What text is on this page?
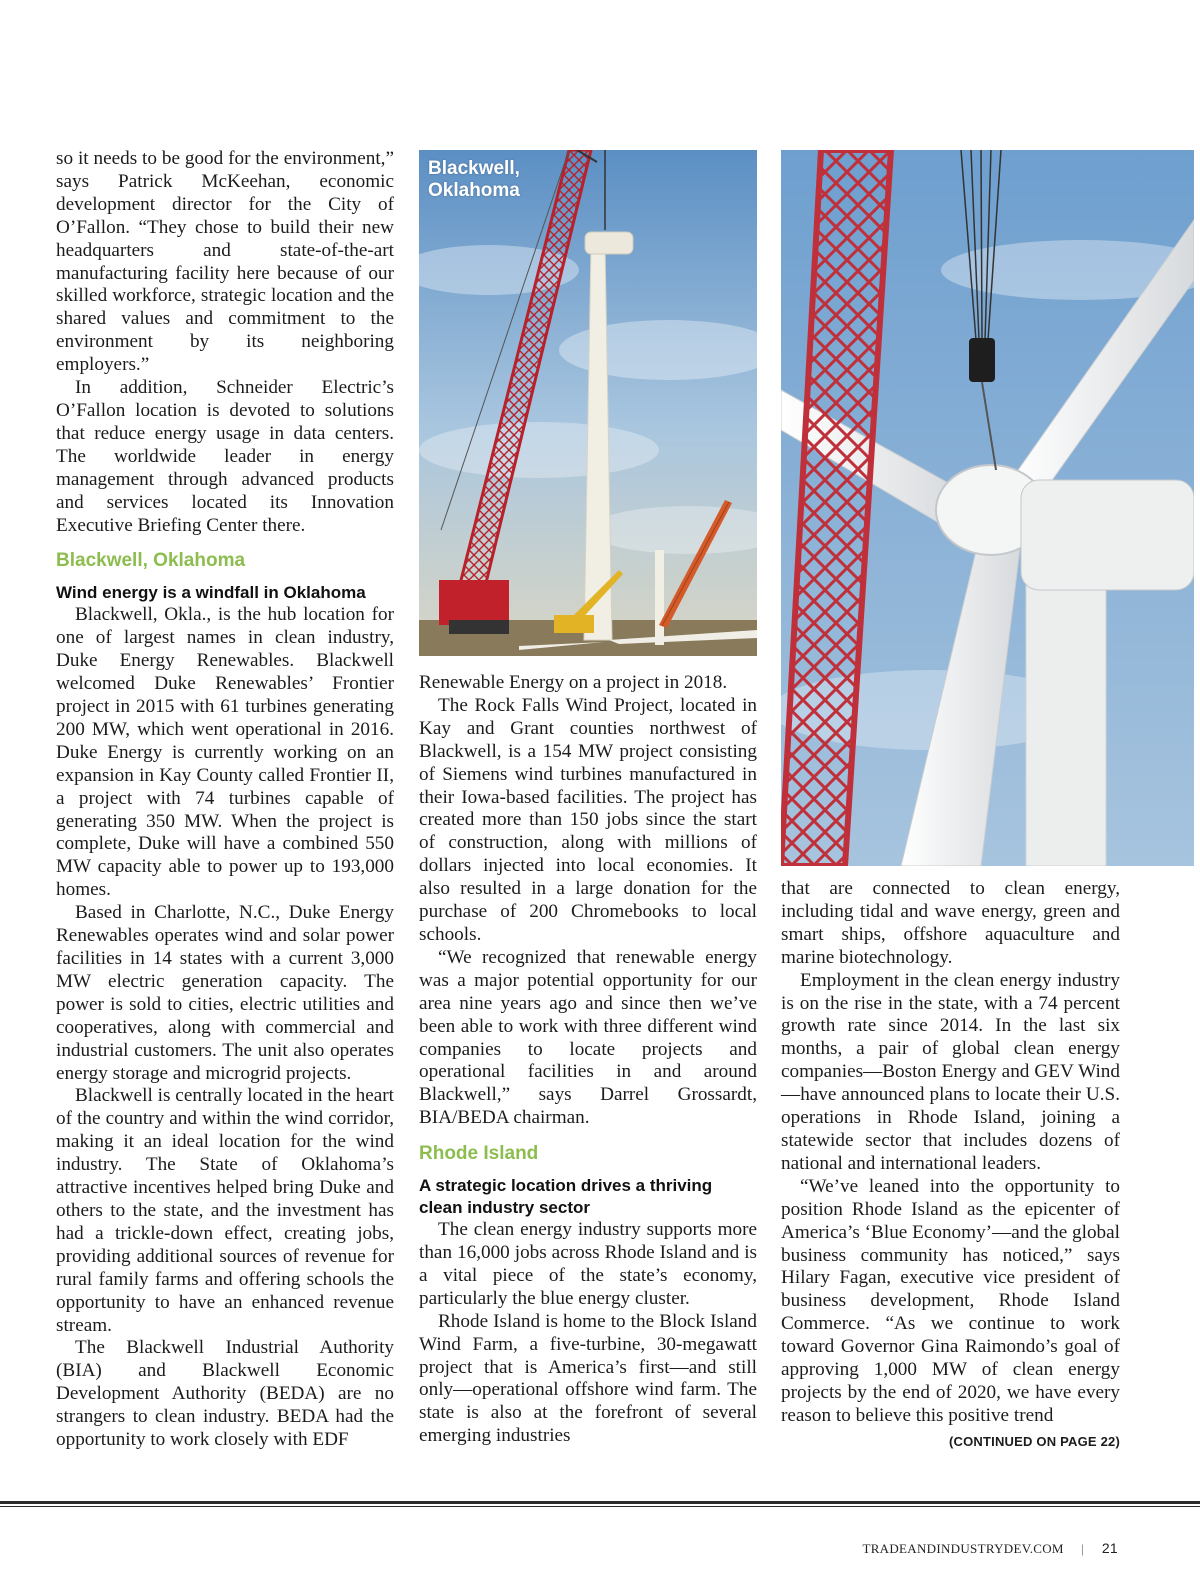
so it needs to be good for the environment,” says Patrick McKeehan, economic development director for the City of O’Fallon. “They chose to build their new headquarters and state-of-the-art manufacturing facility here because of our skilled workforce, strategic location and the shared values and commitment to the environment by its neighboring employers.”

In addition, Schneider Electric’s O’Fallon location is devoted to solutions that reduce energy usage in data centers. The worldwide leader in energy management through advanced products and services located its Innovation Executive Briefing Center there.

Blackwell, Oklahoma
Wind energy is a windfall in Oklahoma

Blackwell, Okla., is the hub location for one of largest names in clean industry, Duke Energy Renewables. Blackwell welcomed Duke Renewables’ Frontier project in 2015 with 61 turbines generating 200 MW, which went operational in 2016. Duke Energy is currently working on an expansion in Kay County called Frontier II, a project with 74 turbines capable of generating 350 MW. When the project is complete, Duke will have a combined 550 MW capacity able to power up to 193,000 homes.

Based in Charlotte, N.C., Duke Energy Renewables operates wind and solar power facilities in 14 states with a current 3,000 MW electric generation capacity. The power is sold to cities, electric utilities and cooperatives, along with commercial and industrial customers. The unit also operates energy storage and microgrid projects.

Blackwell is centrally located in the heart of the country and within the wind corridor, making it an ideal location for the wind industry. The State of Oklahoma’s attractive incentives helped bring Duke and others to the state, and the investment has had a trickle-down effect, creating jobs, providing additional sources of revenue for rural family farms and offering schools the opportunity to have an enhanced revenue stream.

The Blackwell Industrial Authority (BIA) and Blackwell Economic Development Authority (BEDA) are no strangers to clean industry. BEDA had the opportunity to work closely with EDF

Blackwell,
Oklahoma

Renewable Energy on a project in 2018.

The Rock Falls Wind Project, located in Kay and Grant counties northwest of Blackwell, is a 154 MW project consisting of Siemens wind turbines manufactured in their Iowa-based facilities. The project has created more than 150 jobs since the start of construction, along with millions of dollars injected into local economies. It also resulted in a large donation for the purchase of 200 Chromebooks to local schools.

“We recognized that renewable energy was a major potential opportunity for our area nine years ago and since then we’ve been able to work with three different wind companies to locate projects and operational facilities in and around Blackwell,” says Darrel Grossardt, BIA/BEDA chairman.

Rhode Island
A strategic location drives a thriving clean industry sector

The clean energy industry supports more than 16,000 jobs across Rhode Island and is a vital piece of the state’s economy, particularly the blue energy cluster.

Rhode Island is home to the Block Island Wind Farm, a five-turbine, 30-megawatt project that is America’s first—and still only—operational offshore wind farm. The state is also at the forefront of several emerging industries

that are connected to clean energy, including tidal and wave energy, green and smart ships, offshore aquaculture and marine biotechnology.

Employment in the clean energy industry is on the rise in the state, with a 74 percent growth rate since 2014. In the last six months, a pair of global clean energy companies—Boston Energy and GEV Wind—have announced plans to locate their U.S. operations in Rhode Island, joining a statewide sector that includes dozens of national and international leaders.

“We’ve leaned into the opportunity to position Rhode Island as the epicenter of America’s ‘Blue Economy’—and the global business community has noticed,” says Hilary Fagan, executive vice president of business development, Rhode Island Commerce. “As we continue to work toward Governor Gina Raimondo’s goal of approving 1,000 MW of clean energy projects by the end of 2020, we have every reason to believe this positive trend
(CONTINUED ON PAGE 22)

TRADEANDINDUSTRYDEV.COM | 21
